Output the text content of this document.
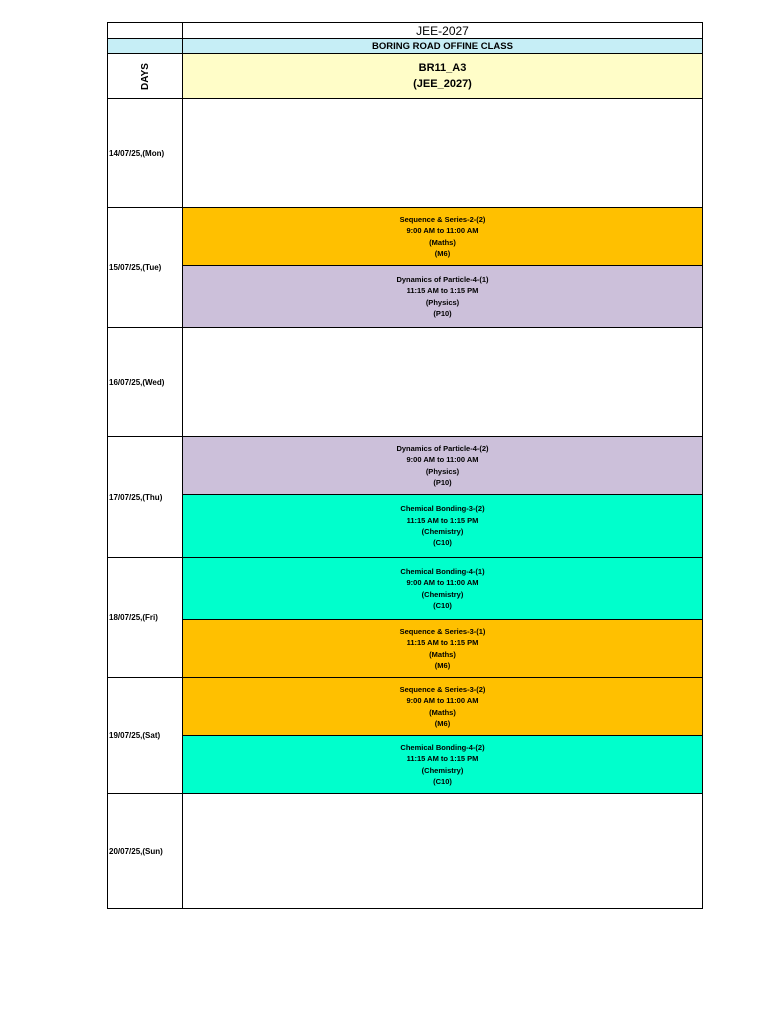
JEE-2027
BORING ROAD OFFINE CLASS
DAYS	BR11_A3
(JEE_2027)
14/07/25,(Mon)
15/07/25,(Tue)
Sequence & Series-2-(2)
9:00 AM to 11:00 AM
(Maths)
(M6)
Dynamics of Particle-4-(1)
11:15 AM to 1:15 PM
(Physics)
(P10)
16/07/25,(Wed)
17/07/25,(Thu)
Dynamics of Particle-4-(2)
9:00 AM to 11:00 AM
(Physics)
(P10)
Chemical Bonding-3-(2)
11:15 AM to 1:15 PM
(Chemistry)
(C10)
18/07/25,(Fri)
Chemical Bonding-4-(1)
9:00 AM to 11:00 AM
(Chemistry)
(C10)
Sequence & Series-3-(1)
11:15 AM to 1:15 PM
(Maths)
(M6)
19/07/25,(Sat)
Sequence & Series-3-(2)
9:00 AM to 11:00 AM
(Maths)
(M6)
Chemical Bonding-4-(2)
11:15 AM to 1:15 PM
(Chemistry)
(C10)
20/07/25,(Sun)
